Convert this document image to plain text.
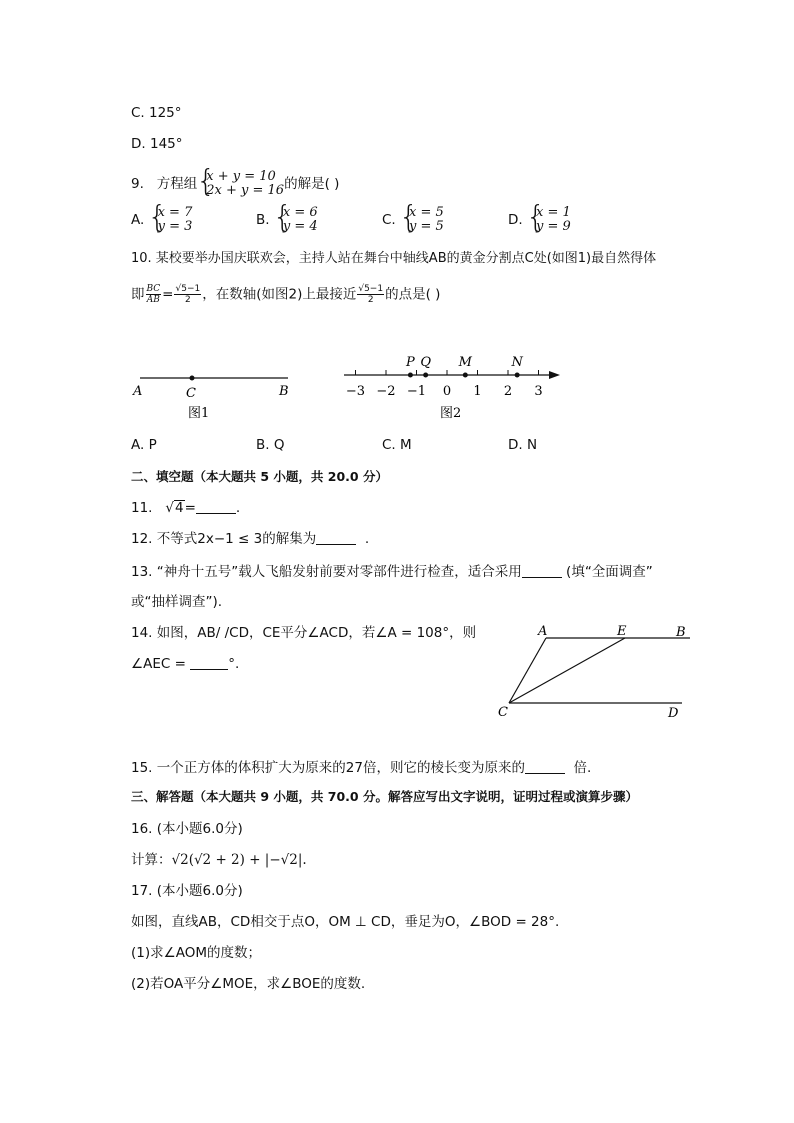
C. 125°
D. 145°
9. 方程组 { x + y = 10
2x + y = 16 的解是( )
A. { x = 7
y = 3	B. { x = 6
y = 4	C. { x = 5
y = 5	D. { x = 1
y = 9
10. 某校要举办国庆联欢会，主持人站在舞台中轴线AB的黄金分割点C处(如图1)最自然得体
即 $\frac{BC}{AB} = \frac{√5-1}{2}$ ，在数轴(如图2)上最接近 $\frac{√5-1}{2}$ 的点是( )
A	C	B
图1
−3 −2 −1 0 1 2 3
P Q M	N
图2
A. P	B. Q	C. M	D. N
二、填空题（本大题共 5 小题，共 20.0 分）
11.   √4=	.
12. 不等式2x−1 ≤ 3的解集为	.
13. “神舟十五号”载人飞船发射前要对零部件进行检查，适合采用	(填“全面调查”
或“抽样调查”).
14. 如图，AB/ /CD，CE平分∠ACD，若∠A = 108°，则
∠AEC =	°.
A	E	B
C	D
15. 一个正方体的体积扩大为原来的27倍，则它的棱长变为原来的	倍.
三、解答题（本大题共 9 小题，共 70.0 分。解答应写出文字说明，证明过程或演算步骤）
16. (本小题6.0分)
计算：√2(√2 + 2) + |−√2|.
17. (本小题6.0分)
如图，直线AB，CD相交于点O，OM ⊥ CD，垂足为O，∠BOD = 28°.
(1)求∠AOM的度数；
(2)若OA平分∠MOE，求∠BOE的度数.
